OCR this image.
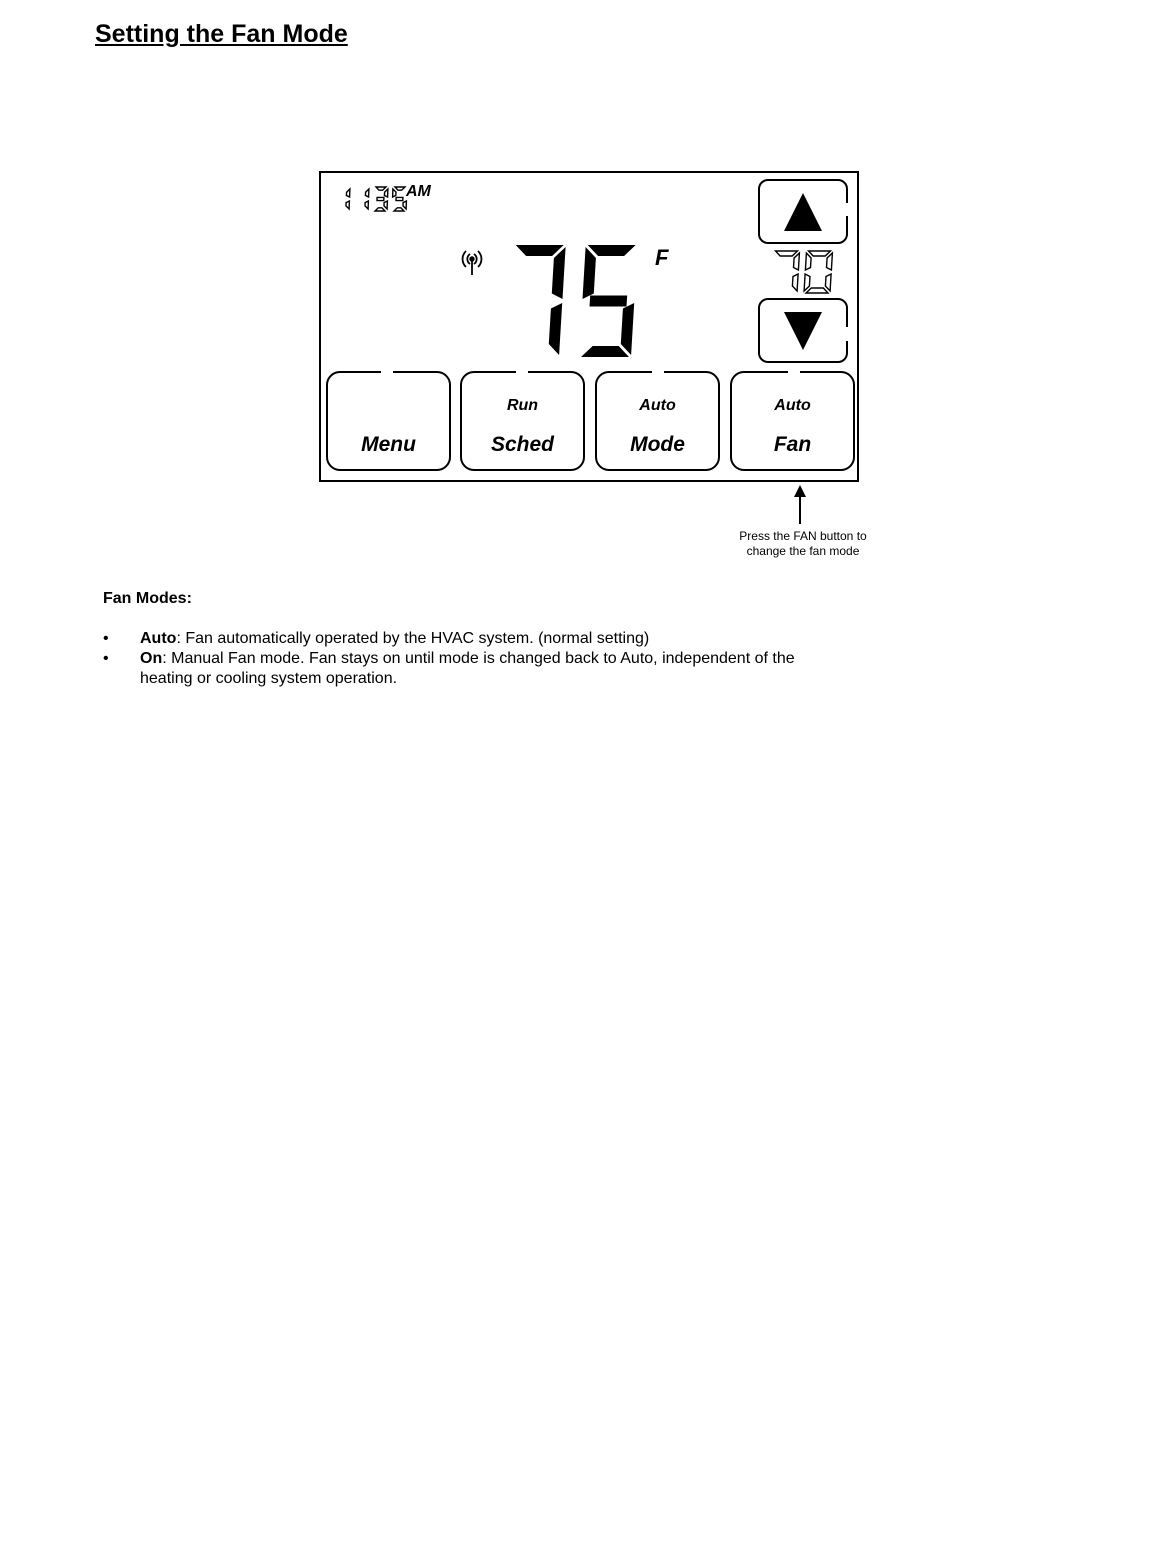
Setting the Fan Mode
AM
F
Menu
Run
Sched
Auto
Mode
Auto
Fan
Press the FAN button to
change the fan mode
Fan Modes:
• Auto: Fan automatically operated by the HVAC system. (normal setting)
• On: Manual Fan mode. Fan stays on until mode is changed back to Auto, independent of the heating or cooling system operation.
